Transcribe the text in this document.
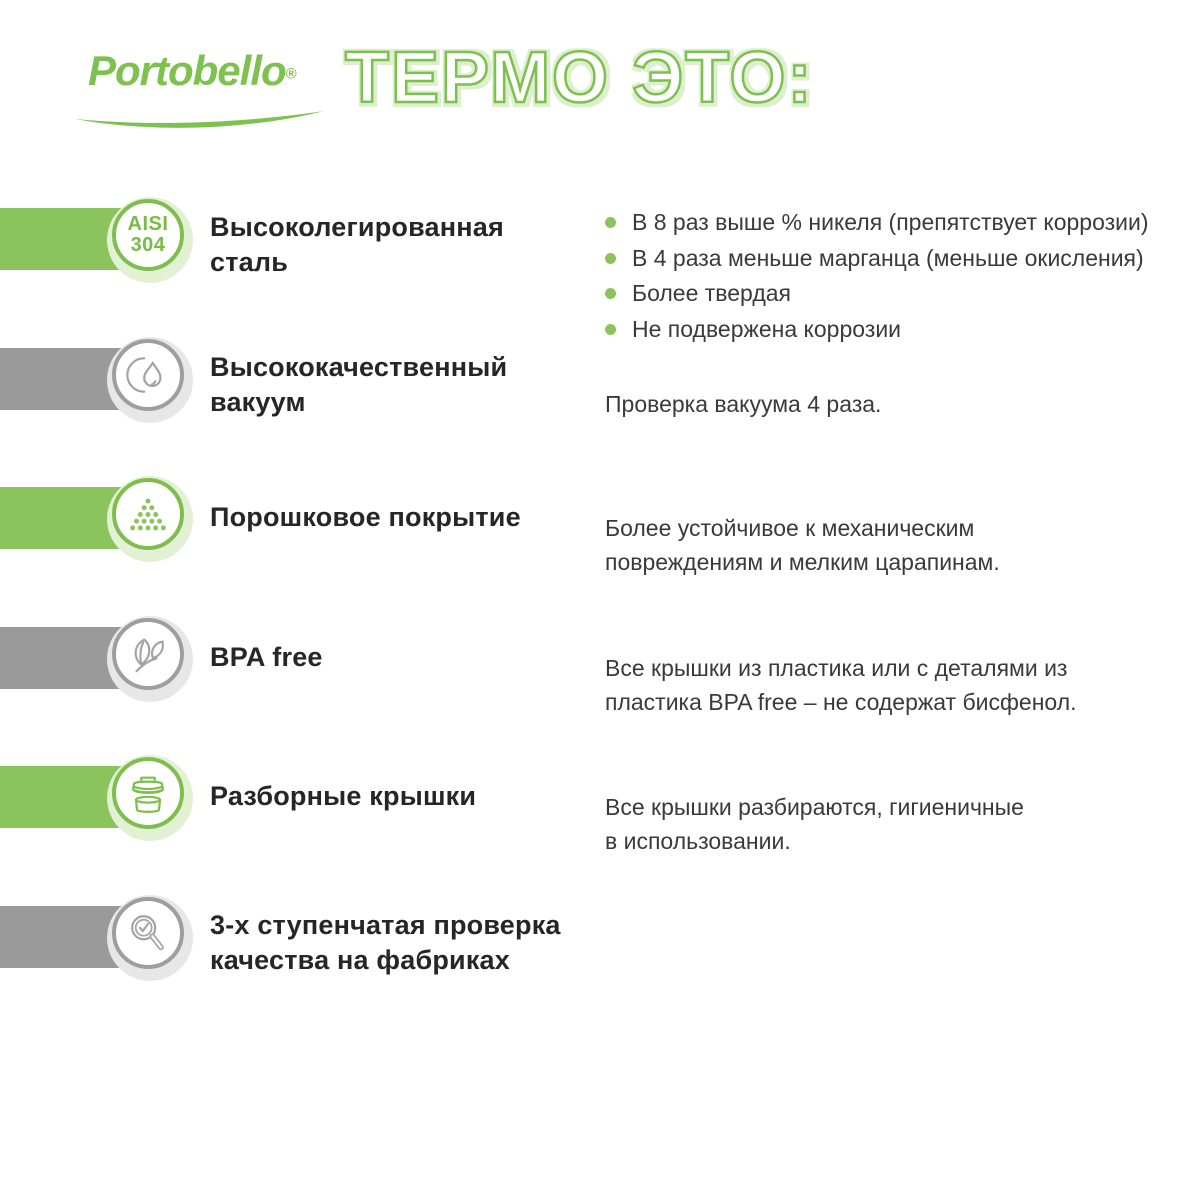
Portobello® ТЕРМО ЭТО:
AISI
304
Высоколегированная
сталь
В 8 раз выше % никеля (препятствует коррозии)
В 4 раза меньше марганца (меньше окисления)
Более твердая
Не подвержена коррозии
Высококачественный
вакуум	Проверка вакуума 4 раза.

Порошковое покрытие	Более устойчивое к механическим
повреждениям и мелким царапинам.

BPA free	Все крышки из пластика или с деталями из
пластика BPA free – не содержат бисфенол.

Разборные крышки	Все крышки разбираются, гигиеничные
в использовании.

3-х ступенчатая проверка
качества на фабриках
